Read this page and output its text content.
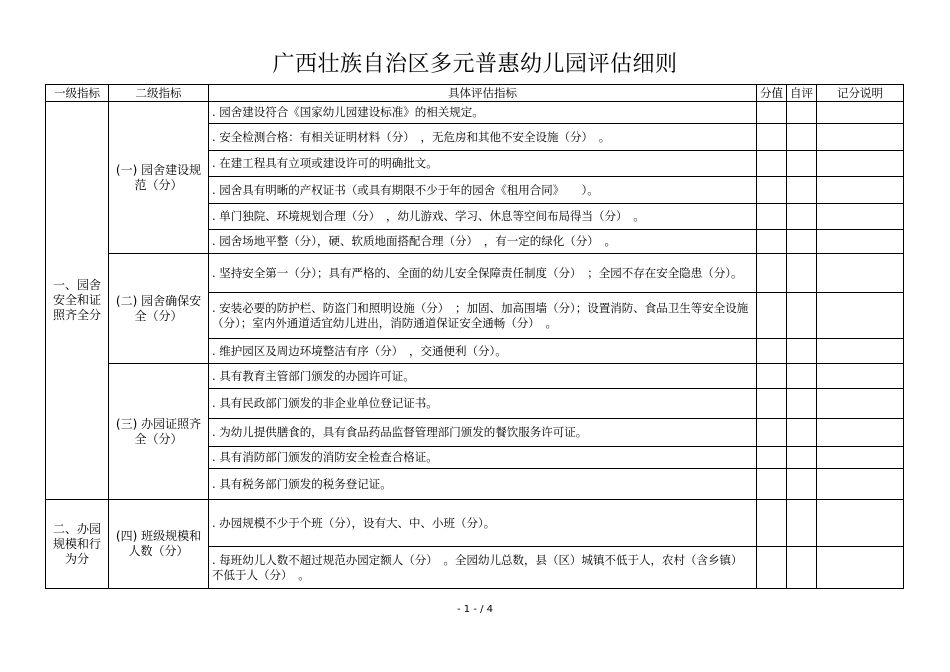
广西壮族自治区多元普惠幼儿园评估细则
一级指标	二级指标	具体评估指标	分值	自评	记分说明
一、园舍安全和证照齐全分	(一) 园舍建设规范（分）	. 园舍建设符合《国家幼儿园建设标准》的相关规定。			
		. 安全检测合格：有相关证明材料（分）　，无危房和其他不安全设施（分）　。			
		. 在建工程具有立项或建设许可的明确批文。			
		. 园舍具有明晰的产权证书（或具有期限不少于年的园舍《租用合同》　　）。			
		. 单门独院、环境规划合理（分）　，幼儿游戏、学习、休息等空间布局得当（分）　。			
		. 园舍场地平整（分），硬、软质地面搭配合理（分）　，有一定的绿化（分）　。			
	(二) 园舍确保安全（分）	. 坚持安全第一（分）；具有严格的、全面的幼儿安全保障责任制度（分）　；全园不存在安全隐患（分）。			
		. 安装必要的防护栏、防盗门和照明设施（分）　；加固、加高围墙（分）；设置消防、食品卫生等安全设施（分）；室内外通道适宜幼儿进出，消防通道保证安全通畅（分）　。			
		. 维护园区及周边环境整洁有序（分）　，交通便利（分）。			
	(三) 办园证照齐全（分）	. 具有教育主管部门颁发的办园许可证。			
		. 具有民政部门颁发的非企业单位登记证书。			
		. 为幼儿提供膳食的，具有食品药品监督管理部门颁发的餐饮服务许可证。			
		. 具有消防部门颁发的消防安全检查合格证。			
		. 具有税务部门颁发的税务登记证。			
二、办园规模和行为分	(四) 班级规模和人数（分）	. 办园规模不少于个班（分），设有大、中、小班（分）。			
		. 每班幼儿人数不超过规范办园定额人（分）　。全园幼儿总数，县（区）城镇不低于人，农村（含乡镇）不低于人（分）　。			
- 1 - / 4
